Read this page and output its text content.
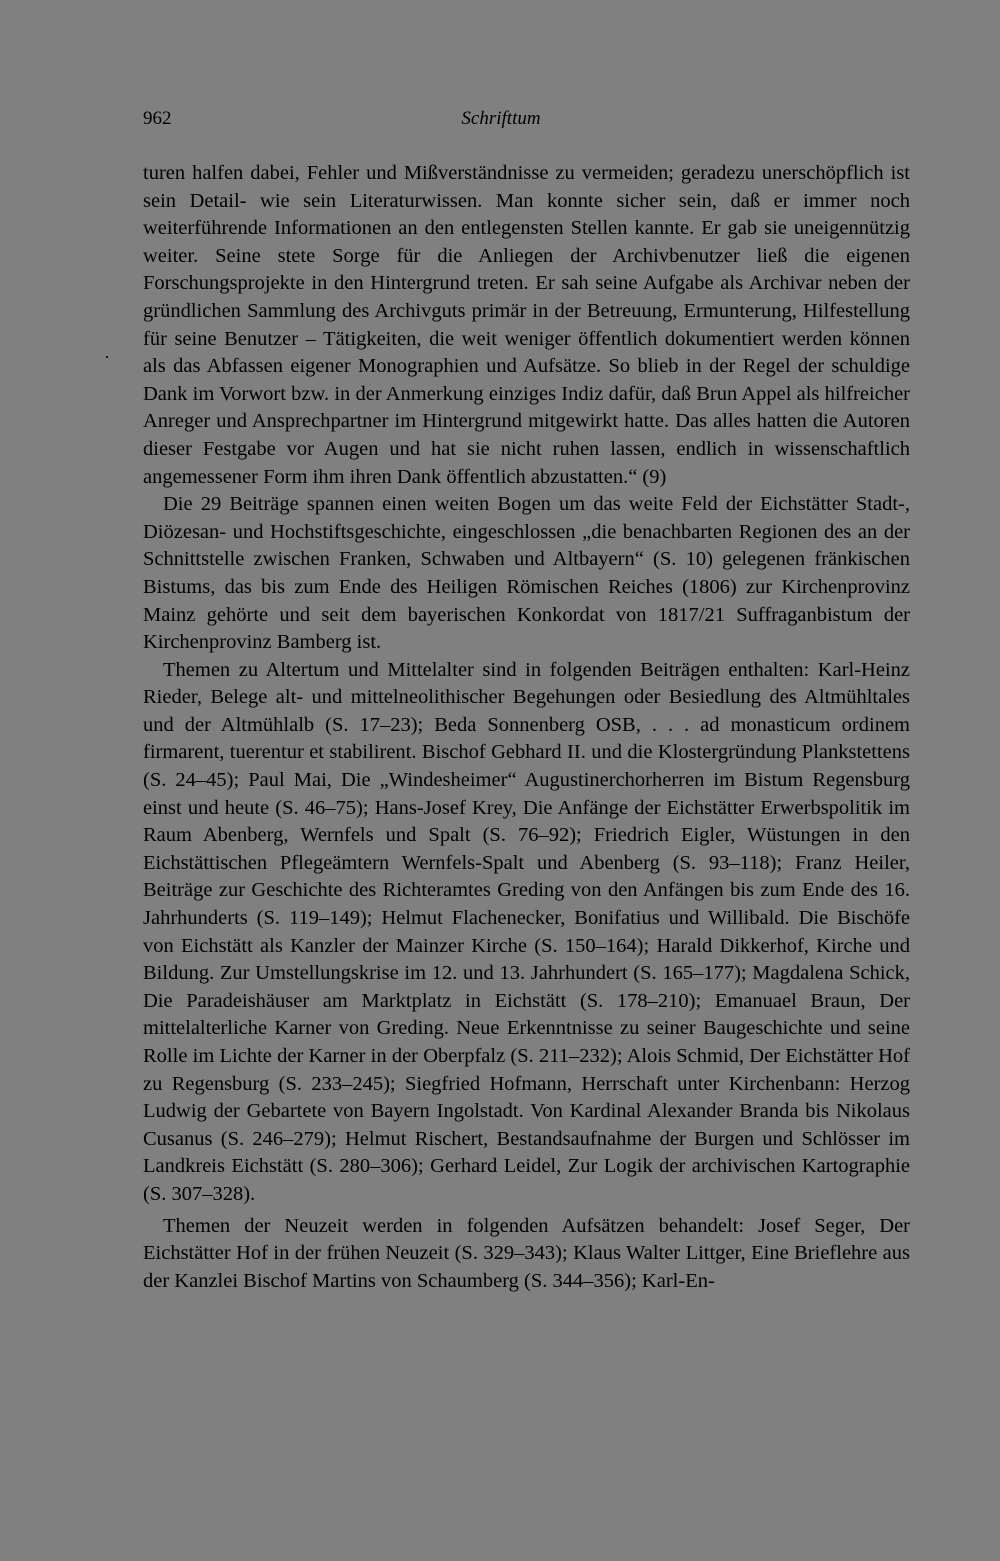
962	Schrifttum

turen halfen dabei, Fehler und Mißverständnisse zu vermeiden; geradezu unerschöpflich ist sein Detail- wie sein Literaturwissen. Man konnte sicher sein, daß er immer noch weiterführende Informationen an den entlegensten Stellen kannte. Er gab sie uneigennützig weiter. Seine stete Sorge für die Anliegen der Archivbenutzer ließ die eigenen Forschungsprojekte in den Hintergrund treten. Er sah seine Aufgabe als Archivar neben der gründlichen Sammlung des Archivguts primär in der Betreuung, Ermunterung, Hilfestellung für seine Benutzer – Tätigkeiten, die weit weniger öffentlich dokumentiert werden können als das Abfassen eigener Monographien und Aufsätze. So blieb in der Regel der schuldige Dank im Vorwort bzw. in der Anmerkung einziges Indiz dafür, daß Brun Appel als hilfreicher Anreger und Ansprechpartner im Hintergrund mitgewirkt hatte. Das alles hatten die Autoren dieser Festgabe vor Augen und hat sie nicht ruhen lassen, endlich in wissenschaftlich angemessener Form ihm ihren Dank öffentlich abzustatten.“ (9)

Die 29 Beiträge spannen einen weiten Bogen um das weite Feld der Eichstätter Stadt-, Diözesan- und Hochstiftsgeschichte, eingeschlossen „die benachbarten Regionen des an der Schnittstelle zwischen Franken, Schwaben und Altbayern“ (S. 10) gelegenen fränkischen Bistums, das bis zum Ende des Heiligen Römischen Reiches (1806) zur Kirchenprovinz Mainz gehörte und seit dem bayerischen Konkordat von 1817/21 Suffraganbistum der Kirchenprovinz Bamberg ist.

Themen zu Altertum und Mittelalter sind in folgenden Beiträgen enthalten: Karl-Heinz Rieder, Belege alt- und mittelneolithischer Begehungen oder Besiedlung des Altmühltales und der Altmühlalb (S. 17–23); Beda Sonnenberg OSB, . . . ad monasticum ordinem firmarent, tuerentur et stabilirent. Bischof Gebhard II. und die Klostergründung Plankstettens (S. 24–45); Paul Mai, Die „Windesheimer“ Augustinerchorherren im Bistum Regensburg einst und heute (S. 46–75); Hans-Josef Krey, Die Anfänge der Eichstätter Erwerbspolitik im Raum Abenberg, Wernfels und Spalt (S. 76–92); Friedrich Eigler, Wüstungen in den Eichstättischen Pflegeämtern Wernfels-Spalt und Abenberg (S. 93–118); Franz Heiler, Beiträge zur Geschichte des Richteramtes Greding von den Anfängen bis zum Ende des 16. Jahrhunderts (S. 119–149); Helmut Flachenecker, Bonifatius und Willibald. Die Bischöfe von Eichstätt als Kanzler der Mainzer Kirche (S. 150–164); Harald Dikkerhof, Kirche und Bildung. Zur Umstellungskrise im 12. und 13. Jahrhundert (S. 165–177); Magdalena Schick, Die Paradeishäuser am Marktplatz in Eichstätt (S. 178–210); Emanuael Braun, Der mittelalterliche Karner von Greding. Neue Erkenntnisse zu seiner Baugeschichte und seine Rolle im Lichte der Karner in der Oberpfalz (S. 211–232); Alois Schmid, Der Eichstätter Hof zu Regensburg (S. 233–245); Siegfried Hofmann, Herrschaft unter Kirchenbann: Herzog Ludwig der Gebartete von Bayern Ingolstadt. Von Kardinal Alexander Branda bis Nikolaus Cusanus (S. 246–279); Helmut Rischert, Bestandsaufnahme der Burgen und Schlösser im Landkreis Eichstätt (S. 280–306); Gerhard Leidel, Zur Logik der archivischen Kartographie (S. 307–328).

Themen der Neuzeit werden in folgenden Aufsätzen behandelt: Josef Seger, Der Eichstätter Hof in der frühen Neuzeit (S. 329–343); Klaus Walter Littger, Eine Brieflehre aus der Kanzlei Bischof Martins von Schaumberg (S. 344–356); Karl-En-
